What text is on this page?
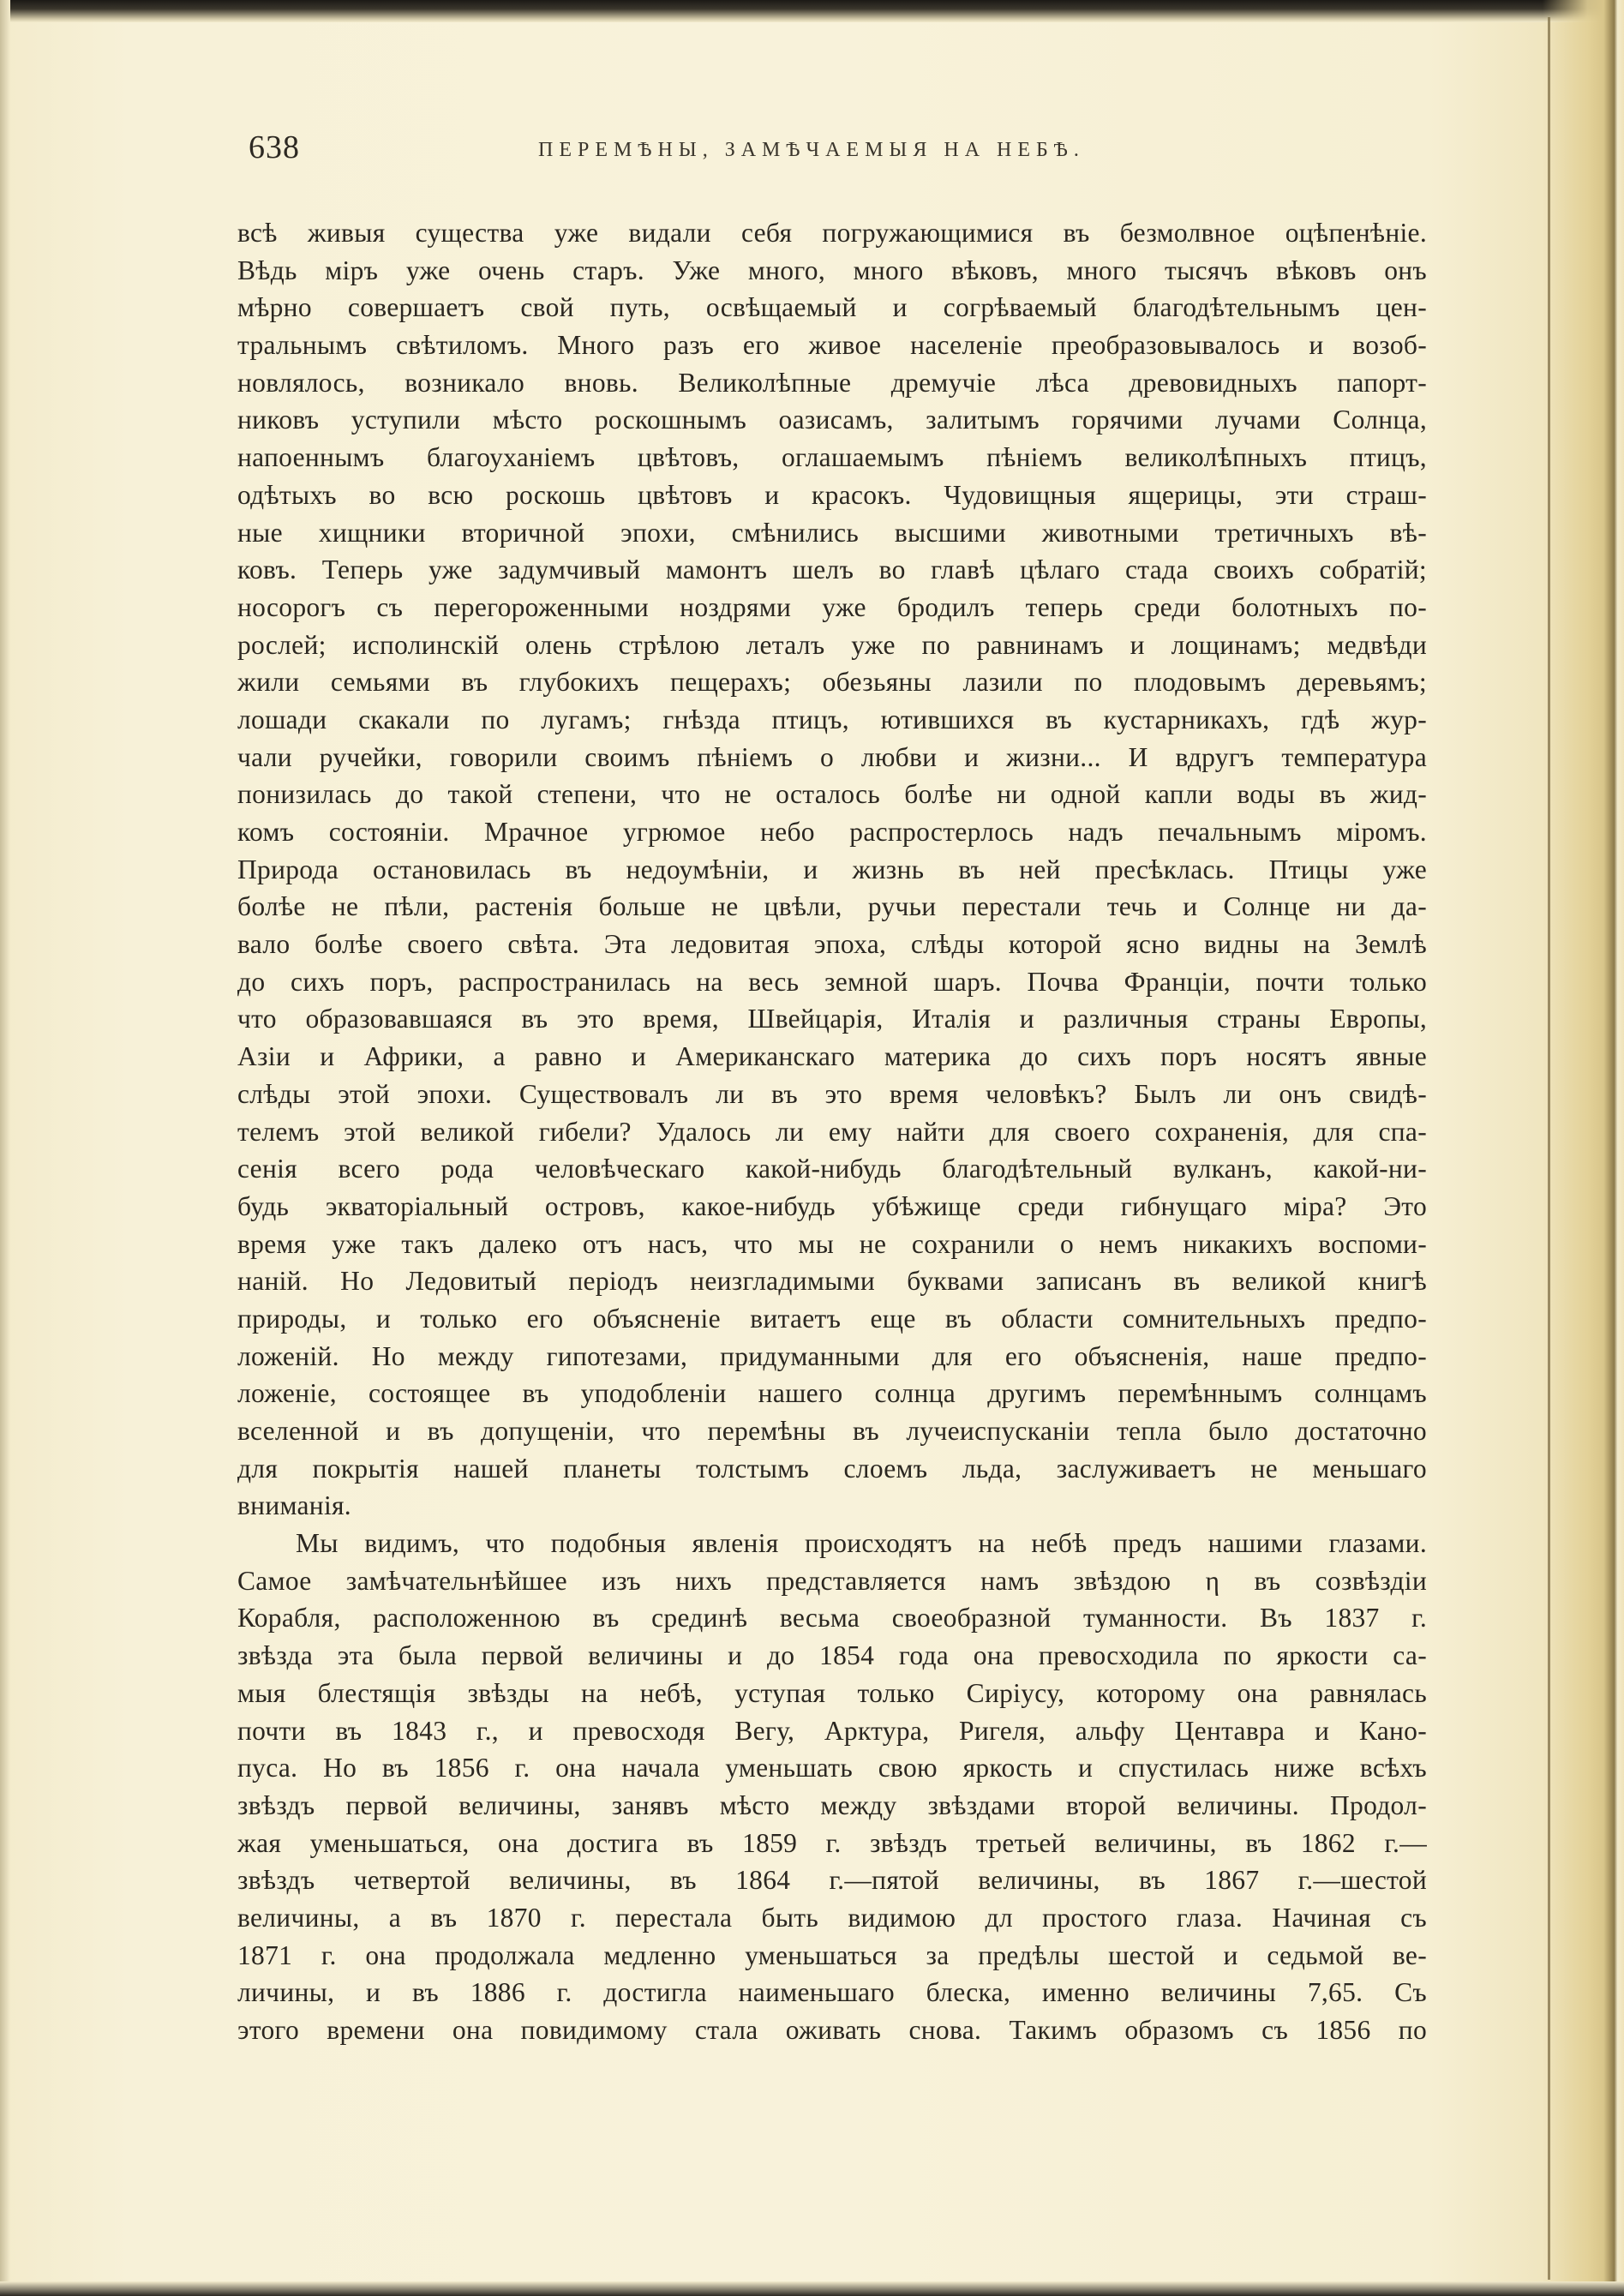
638	ПЕРЕМѢНЫ, ЗАМѢЧАЕМЫЯ НА НЕБѢ.
всѣ живыя существа уже видали себя погружающимися въ безмолвное оцѣпенѣніе.
Вѣдь міръ уже очень старъ. Уже много, много вѣковъ, много тысячъ вѣковъ онъ
мѣрно совершаетъ свой путь, освѣщаемый и согрѣваемый благодѣтельнымъ цен-
тральнымъ свѣтиломъ. Много разъ его живое населеніе преобразовывалось и возоб-
новлялось, возникало вновь. Великолѣпные дремучіе лѣса древовидныхъ папорт-
никовъ уступили мѣсто роскошнымъ оазисамъ, залитымъ горячими лучами Солнца,
напоеннымъ благоуханіемъ цвѣтовъ, оглашаемымъ пѣніемъ великолѣпныхъ птицъ,
одѣтыхъ во всю роскошь цвѣтовъ и красокъ. Чудовищныя ящерицы, эти страш-
ные хищники вторичной эпохи, смѣнились высшими животными третичныхъ вѣ-
ковъ. Теперь уже задумчивый мамонтъ шелъ во главѣ цѣлаго стада своихъ собратій;
носорогъ съ перегороженными ноздрями уже бродилъ теперь среди болотныхъ по-
рослей; исполинскій олень стрѣлою леталъ уже по равнинамъ и лощинамъ; медвѣди
жили семьями въ глубокихъ пещерахъ; обезьяны лазили по плодовымъ деревьямъ;
лошади скакали по лугамъ; гнѣзда птицъ, ютившихся въ кустарникахъ, гдѣ жур-
чали ручейки, говорили своимъ пѣніемъ о любви и жизни... И вдругъ температура
понизилась до такой степени, что не осталось болѣе ни одной капли воды въ жид-
комъ состояніи. Мрачное угрюмое небо распростерлось надъ печальнымъ міромъ.
Природа остановилась въ недоумѣніи, и жизнь въ ней пресѣклась. Птицы уже
болѣе не пѣли, растенія больше не цвѣли, ручьи перестали течь и Солнце ни да-
вало болѣе своего свѣта. Эта ледовитая эпоха, слѣды которой ясно видны на Землѣ
до сихъ поръ, распространилась на весь земной шаръ. Почва Франціи, почти только
что образовавшаяся въ это время, Швейцарія, Италія и различныя страны Европы,
Азіи и Африки, а равно и Американскаго материка до сихъ поръ носятъ явные
слѣды этой эпохи. Существовалъ ли въ это время человѣкъ? Былъ ли онъ свидѣ-
телемъ этой великой гибели? Удалось ли ему найти для своего сохраненія, для спа-
сенія всего рода человѣческаго какой-нибудь благодѣтельный вулканъ, какой-ни-
будь экваторіальный островъ, какое-нибудь убѣжище среди гибнущаго міра? Это
время уже такъ далеко отъ насъ, что мы не сохранили о немъ никакихъ воспоми-
наній. Но Ледовитый періодъ неизгладимыми буквами записанъ въ великой книгѣ
природы, и только его объясненіе витаетъ еще въ области сомнительныхъ предпо-
ложеній. Но между гипотезами, придуманными для его объясненія, наше предпо-
ложеніе, состоящее въ уподобленіи нашего солнца другимъ перемѣннымъ солнцамъ
вселенной и въ допущеніи, что перемѣны въ лучеиспусканіи тепла было достаточно
для покрытія нашей планеты толстымъ слоемъ льда, заслуживаетъ не меньшаго
вниманія.
Мы видимъ, что подобныя явленія происходятъ на небѣ предъ нашими глазами.
Самое замѣчательнѣйшее изъ нихъ представляется намъ звѣздою η въ созвѣздіи
Корабля, расположенною въ срединѣ весьма своеобразной туманности. Въ 1837 г.
звѣзда эта была первой величины и до 1854 года она превосходила по яркости са-
мыя блестящія звѣзды на небѣ, уступая только Сиріусу, которому она равнялась
почти въ 1843 г., и превосходя Вегу, Арктура, Ригеля, альфу Центавра и Кано-
пуса. Но въ 1856 г. она начала уменьшать свою яркость и спустилась ниже всѣхъ
звѣздъ первой величины, занявъ мѣсто между звѣздами второй величины. Продол-
жая уменьшаться, она достига въ 1859 г. звѣздъ третьей величины, въ 1862 г.—
звѣздъ четвертой величины, въ 1864 г.—пятой величины, въ 1867 г.—шестой
величины, а въ 1870 г. перестала быть видимою дл простого глаза. Начиная съ
1871 г. она продолжала медленно уменьшаться за предѣлы шестой и седьмой ве-
личины, и въ 1886 г. достигла наименьшаго блеска, именно величины 7,65. Съ
этого времени она повидимому стала оживать снова. Такимъ образомъ съ 1856 по
